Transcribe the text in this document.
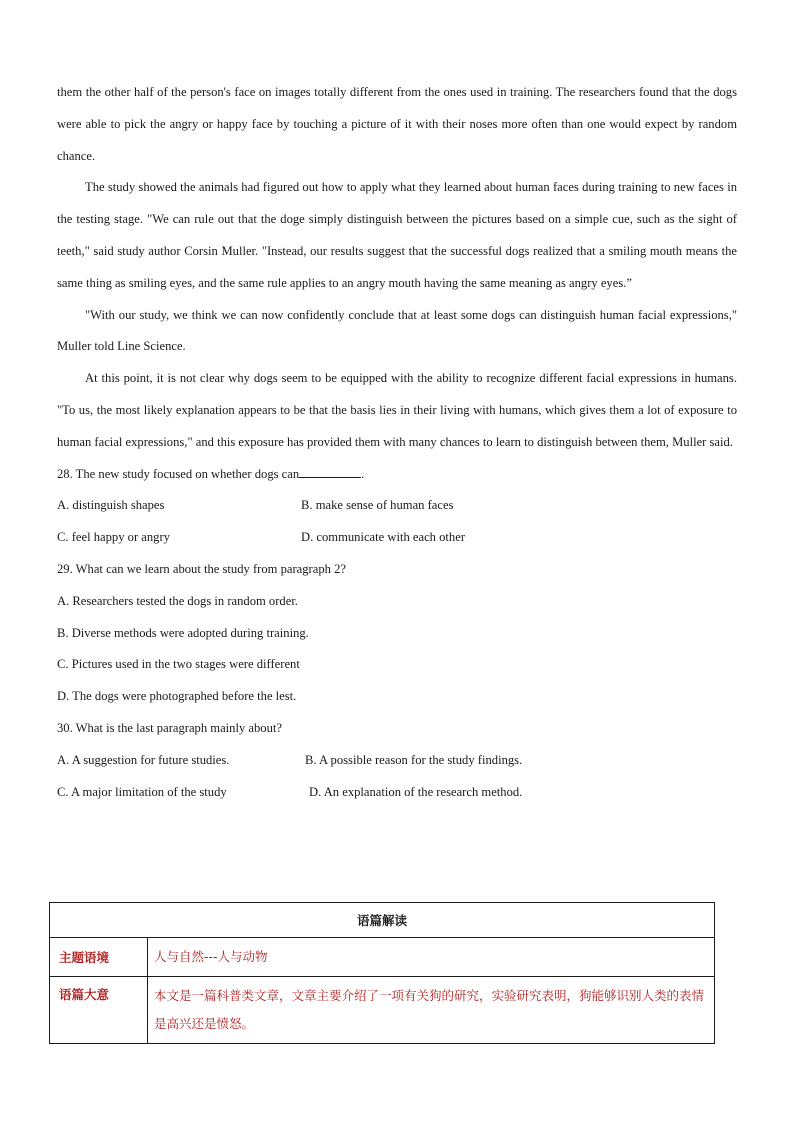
them the other half of the person's face on images totally different from the ones used in training. The researchers found that the dogs were able to pick the angry or happy face by touching a picture of it with their noses more often than one would expect by random chance.

The study showed the animals had figured out how to apply what they learned about human faces during training to new faces in the testing stage. "We can rule out that the doge simply distinguish between the pictures based on a simple cue, such as the sight of teeth," said study author Corsin Muller. "Instead, our results suggest that the successful dogs realized that a smiling mouth means the same thing as smiling eyes, and the same rule applies to an angry mouth having the same meaning as angry eyes.”

"With our study, we think we can now confidently conclude that at least some dogs can distinguish human facial expressions," Muller told Line Science.

At this point, it is not clear why dogs seem to be equipped with the ability to recognize different facial expressions in humans. "To us, the most likely explanation appears to be that the basis lies in their living with humans, which gives them a lot of exposure to human facial expressions," and this exposure has provided them with many chances to learn to distinguish between them, Muller said.

28. The new study focused on whether dogs can	.

A. distinguish shapes	B. make sense of human faces
C. feel happy or angry	D. communicate with each other

29. What can we learn about the study from paragraph 2?

A. Researchers tested the dogs in random order.

B. Diverse methods were adopted during training.

C. Pictures used in the two stages were different

D. The dogs were photographed before the lest.

30. What is the last paragraph mainly about?

A. A suggestion for future studies.	B. A possible reason for the study findings.
C. A major limitation of the study	D. An explanation of the research method.
语篇解读	
主题语境	人与自然---人与动物
语篇大意	本文是一篇科普类文章，文章主要介绍了一项有关狗的研究，实验研究表明，狗能够识别人类的表情是高兴还是愤怒。
